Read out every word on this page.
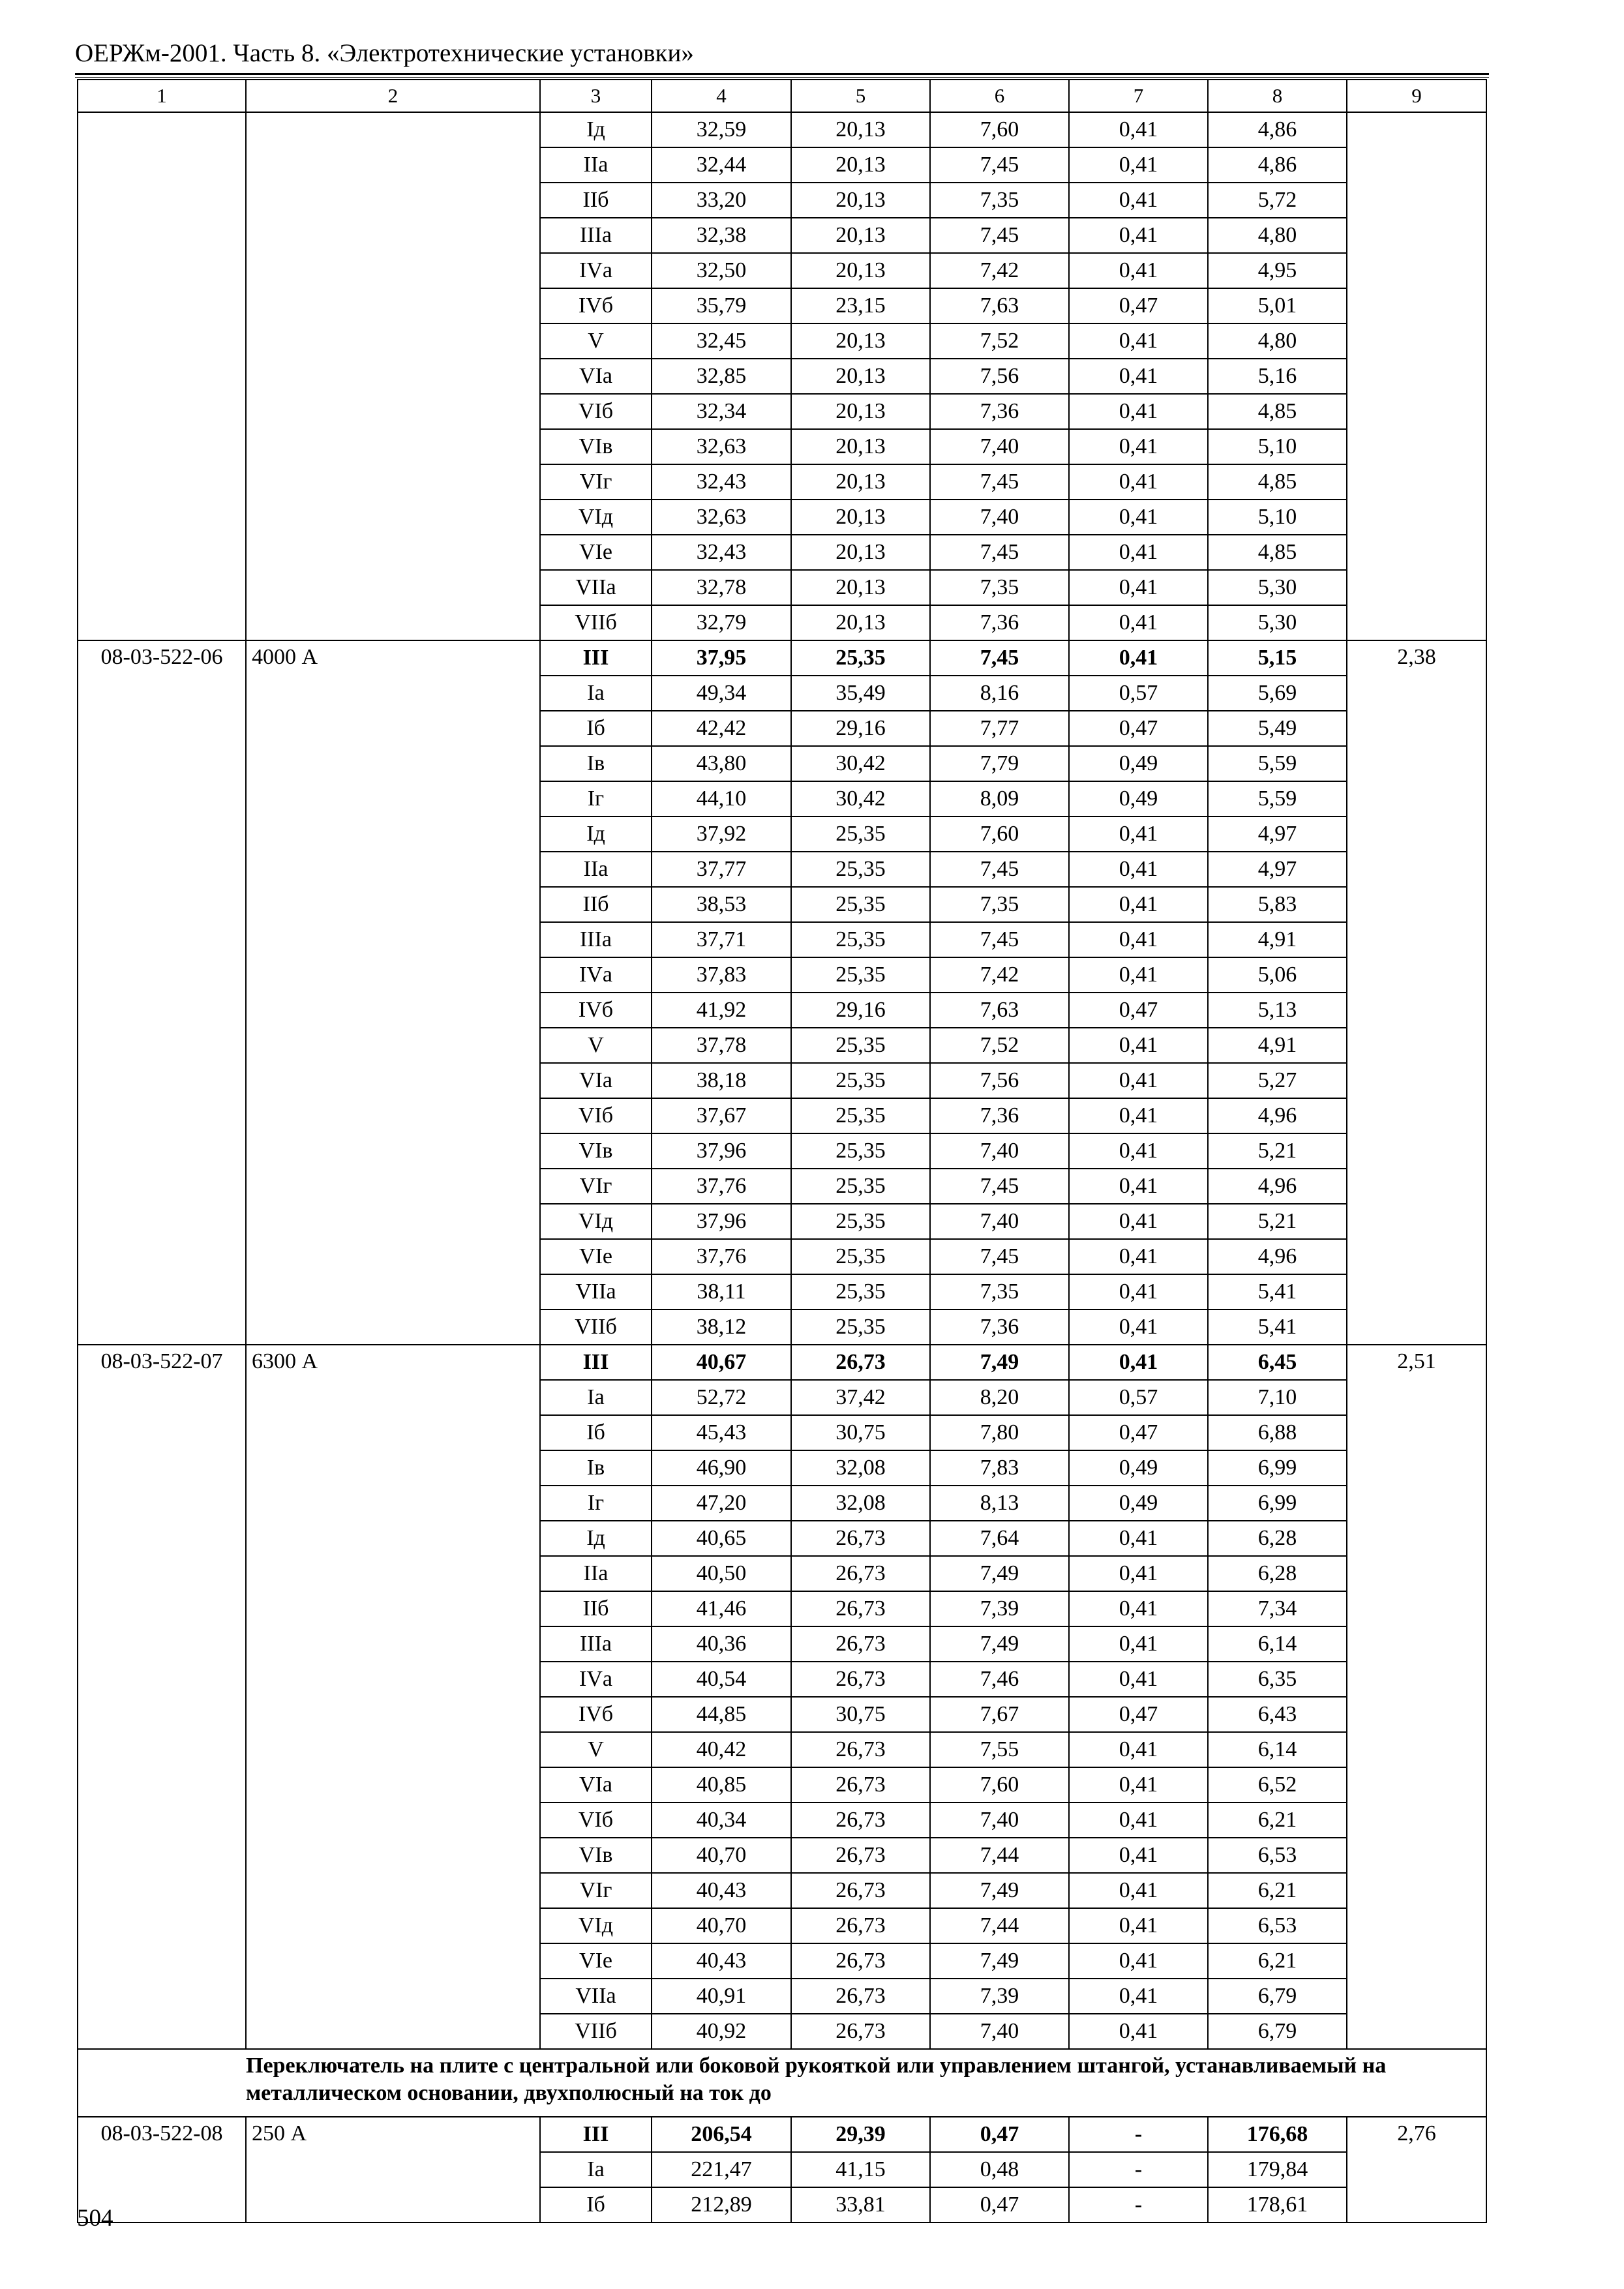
ОЕРЖм-2001. Часть 8. «Электротехнические установки»

1	2	3	4	5	6	7	8	9
		Iд	32,59	20,13	7,60	0,41	4,86	
		IIа	32,44	20,13	7,45	0,41	4,86	
		IIб	33,20	20,13	7,35	0,41	5,72	
		IIIа	32,38	20,13	7,45	0,41	4,80	
		IVа	32,50	20,13	7,42	0,41	4,95	
		IVб	35,79	23,15	7,63	0,47	5,01	
		V	32,45	20,13	7,52	0,41	4,80	
		VIа	32,85	20,13	7,56	0,41	5,16	
		VIб	32,34	20,13	7,36	0,41	4,85	
		VIв	32,63	20,13	7,40	0,41	5,10	
		VIг	32,43	20,13	7,45	0,41	4,85	
		VIд	32,63	20,13	7,40	0,41	5,10	
		VIе	32,43	20,13	7,45	0,41	4,85	
		VIIа	32,78	20,13	7,35	0,41	5,30	
		VIIб	32,79	20,13	7,36	0,41	5,30	
08-03-522-06	4000 А	III	37,95	25,35	7,45	0,41	5,15	2,38
		Iа	49,34	35,49	8,16	0,57	5,69	
		Iб	42,42	29,16	7,77	0,47	5,49	
		Iв	43,80	30,42	7,79	0,49	5,59	
		Iг	44,10	30,42	8,09	0,49	5,59	
		Iд	37,92	25,35	7,60	0,41	4,97	
		IIа	37,77	25,35	7,45	0,41	4,97	
		IIб	38,53	25,35	7,35	0,41	5,83	
		IIIа	37,71	25,35	7,45	0,41	4,91	
		IVа	37,83	25,35	7,42	0,41	5,06	
		IVб	41,92	29,16	7,63	0,47	5,13	
		V	37,78	25,35	7,52	0,41	4,91	
		VIа	38,18	25,35	7,56	0,41	5,27	
		VIб	37,67	25,35	7,36	0,41	4,96	
		VIв	37,96	25,35	7,40	0,41	5,21	
		VIг	37,76	25,35	7,45	0,41	4,96	
		VIд	37,96	25,35	7,40	0,41	5,21	
		VIе	37,76	25,35	7,45	0,41	4,96	
		VIIа	38,11	25,35	7,35	0,41	5,41	
		VIIб	38,12	25,35	7,36	0,41	5,41	
08-03-522-07	6300 А	III	40,67	26,73	7,49	0,41	6,45	2,51
		Iа	52,72	37,42	8,20	0,57	7,10	
		Iб	45,43	30,75	7,80	0,47	6,88	
		Iв	46,90	32,08	7,83	0,49	6,99	
		Iг	47,20	32,08	8,13	0,49	6,99	
		Iд	40,65	26,73	7,64	0,41	6,28	
		IIа	40,50	26,73	7,49	0,41	6,28	
		IIб	41,46	26,73	7,39	0,41	7,34	
		IIIа	40,36	26,73	7,49	0,41	6,14	
		IVа	40,54	26,73	7,46	0,41	6,35	
		IVб	44,85	30,75	7,67	0,47	6,43	
		V	40,42	26,73	7,55	0,41	6,14	
		VIа	40,85	26,73	7,60	0,41	6,52	
		VIб	40,34	26,73	7,40	0,41	6,21	
		VIв	40,70	26,73	7,44	0,41	6,53	
		VIг	40,43	26,73	7,49	0,41	6,21	
		VIд	40,70	26,73	7,44	0,41	6,53	
		VIе	40,43	26,73	7,49	0,41	6,21	
		VIIа	40,91	26,73	7,39	0,41	6,79	
		VIIб	40,92	26,73	7,40	0,41	6,79	
	Переключатель на плите с центральной или боковой рукояткой или управлением штангой, устанавливаемый на металлическом основании, двухполюсный на ток до							
08-03-522-08	250 А	III	206,54	29,39	0,47	-	176,68	2,76
		Iа	221,47	41,15	0,48	-	179,84	
		Iб	212,89	33,81	0,47	-	178,61	
504
